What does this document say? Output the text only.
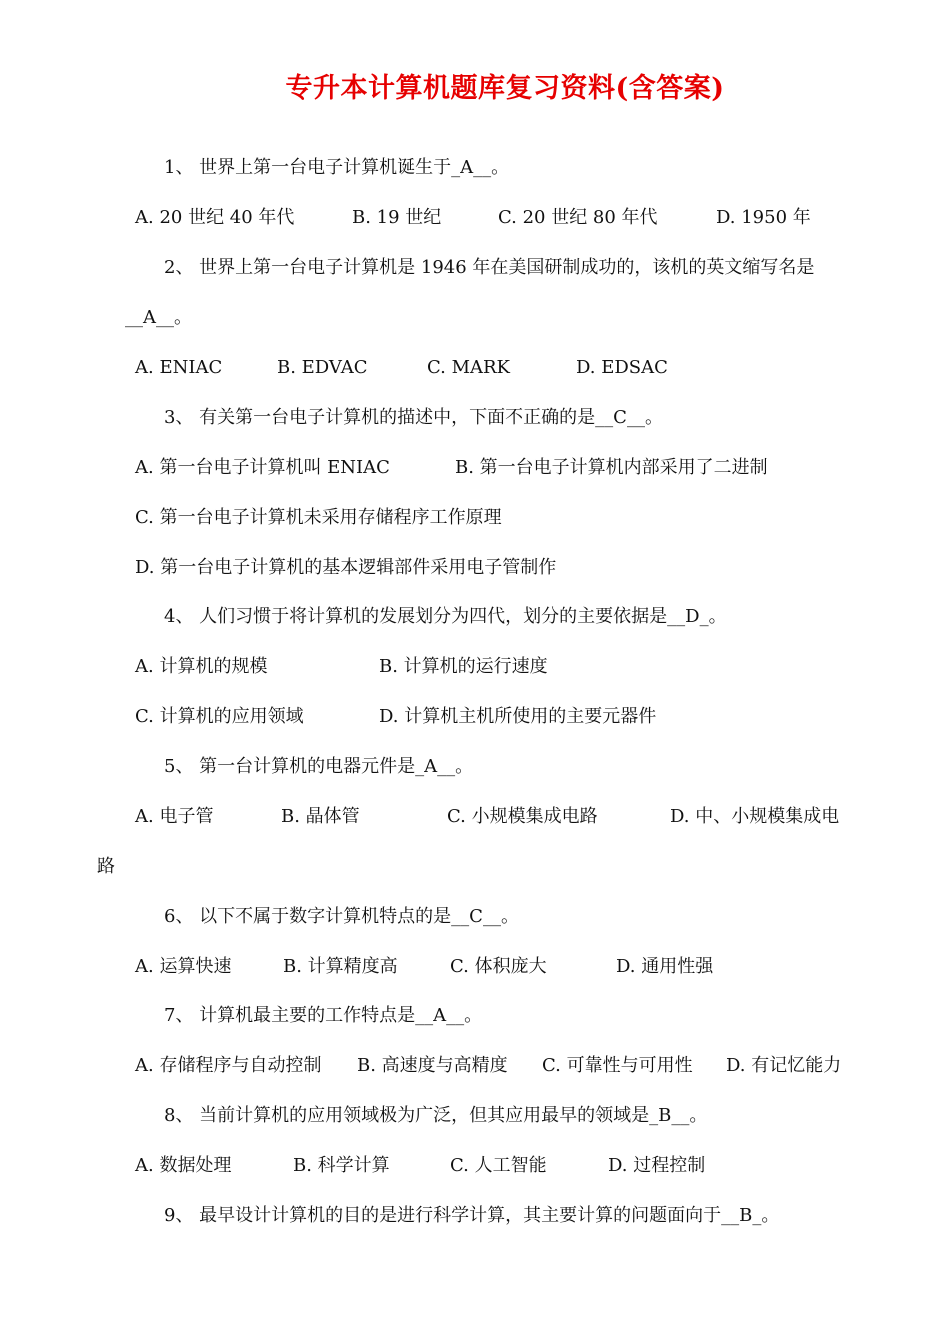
专升本计算机题库复习资料(含答案)
1、 世界上第一台电子计算机诞生于_A__。
A. 20 世纪 40 年代	B. 19 世纪	C. 20 世纪 80 年代	D. 1950 年
2、 世界上第一台电子计算机是 1946 年在美国研制成功的，该机的英文缩写名是
__A__。
A. ENIAC	B. EDVAC	C. MARK	D. EDSAC
3、 有关第一台电子计算机的描述中，下面不正确的是__C__。
A. 第一台电子计算机叫 ENIAC	B. 第一台电子计算机内部采用了二进制
C. 第一台电子计算机未采用存储程序工作原理
D. 第一台电子计算机的基本逻辑部件采用电子管制作
4、 人们习惯于将计算机的发展划分为四代，划分的主要依据是__D_。
A. 计算机的规模	B. 计算机的运行速度
C. 计算机的应用领域	D. 计算机主机所使用的主要元器件
5、 第一台计算机的电器元件是_A__。
A. 电子管	B. 晶体管	C. 小规模集成电路	D. 中、小规模集成电
路
6、 以下不属于数字计算机特点的是__C__。
A. 运算快速	B. 计算精度高	C. 体积庞大	D. 通用性强
7、 计算机最主要的工作特点是__A__。
A. 存储程序与自动控制 B. 高速度与高精度 C. 可靠性与可用性 D. 有记忆能力
8、 当前计算机的应用领域极为广泛，但其应用最早的领域是_B__。
A. 数据处理	B. 科学计算	C. 人工智能	D. 过程控制
9、 最早设计计算机的目的是进行科学计算，其主要计算的问题面向于__B_。
